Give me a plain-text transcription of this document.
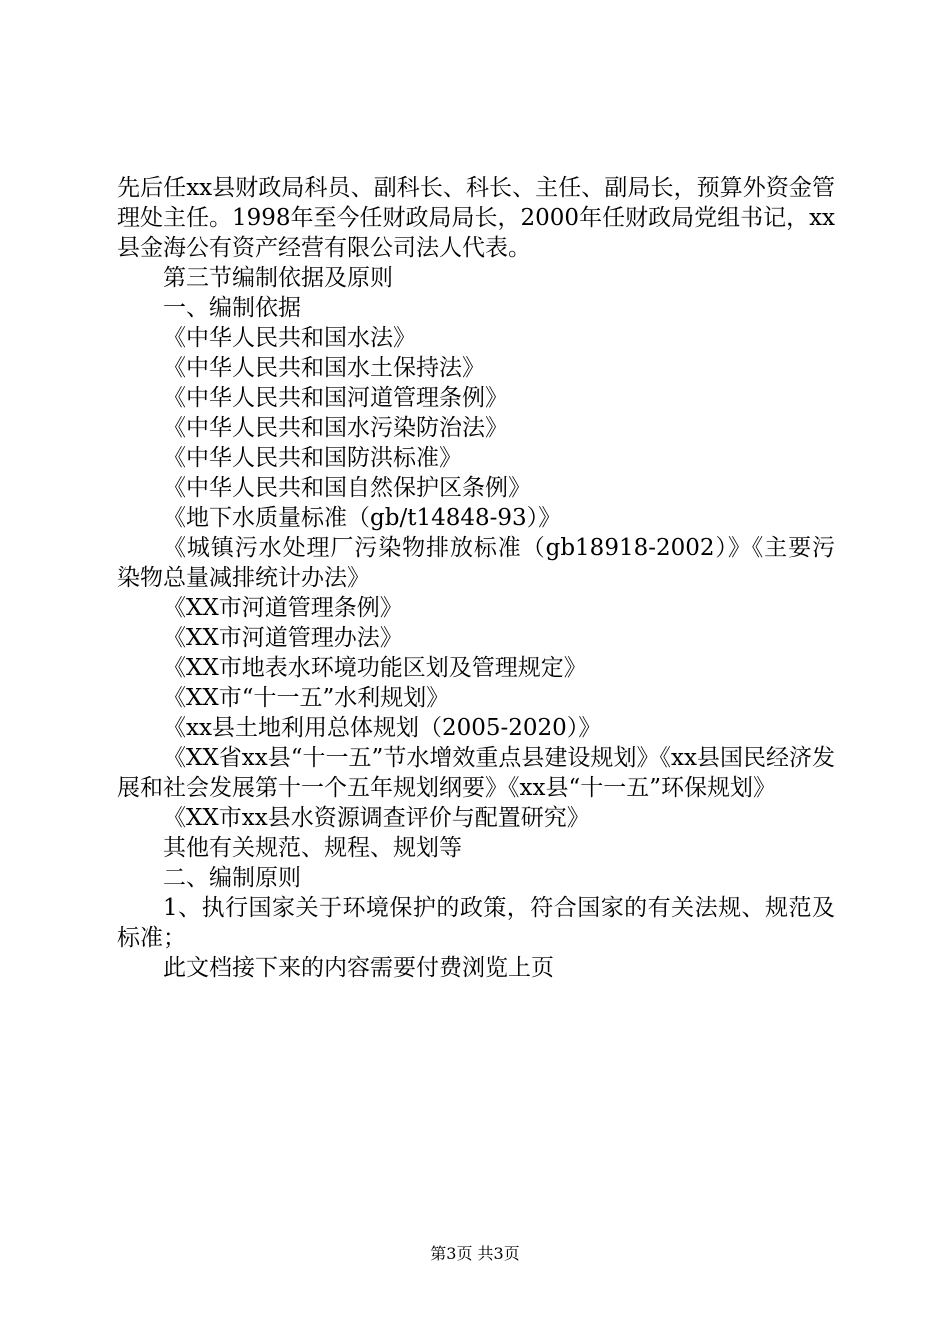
先后任xx县财政局科员、副科长、科长、主任、副局长，预算外资金管理处主任。1998年至今任财政局局长，2000年任财政局党组书记，xx县金海公有资产经营有限公司法人代表。

第三节编制依据及原则

一、编制依据

《中华人民共和国水法》

《中华人民共和国水土保持法》

《中华人民共和国河道管理条例》

《中华人民共和国水污染防治法》

《中华人民共和国防洪标准》

《中华人民共和国自然保护区条例》

《地下水质量标准（gb/t14848-93）》

《城镇污水处理厂污染物排放标准（gb18918-2002）》《主要污染物总量减排统计办法》

《XX市河道管理条例》

《XX市河道管理办法》

《XX市地表水环境功能区划及管理规定》

《XX市“十一五”水利规划》

《xx县土地利用总体规划（2005-2020）》

《XX省xx县“十一五”节水增效重点县建设规划》《xx县国民经济发展和社会发展第十一个五年规划纲要》《xx县“十一五”环保规划》

《XX市xx县水资源调查评价与配置研究》

其他有关规范、规程、规划等

二、编制原则

1、执行国家关于环境保护的政策，符合国家的有关法规、规范及标准；

此文档接下来的内容需要付费浏览上页

第3页 共3页
